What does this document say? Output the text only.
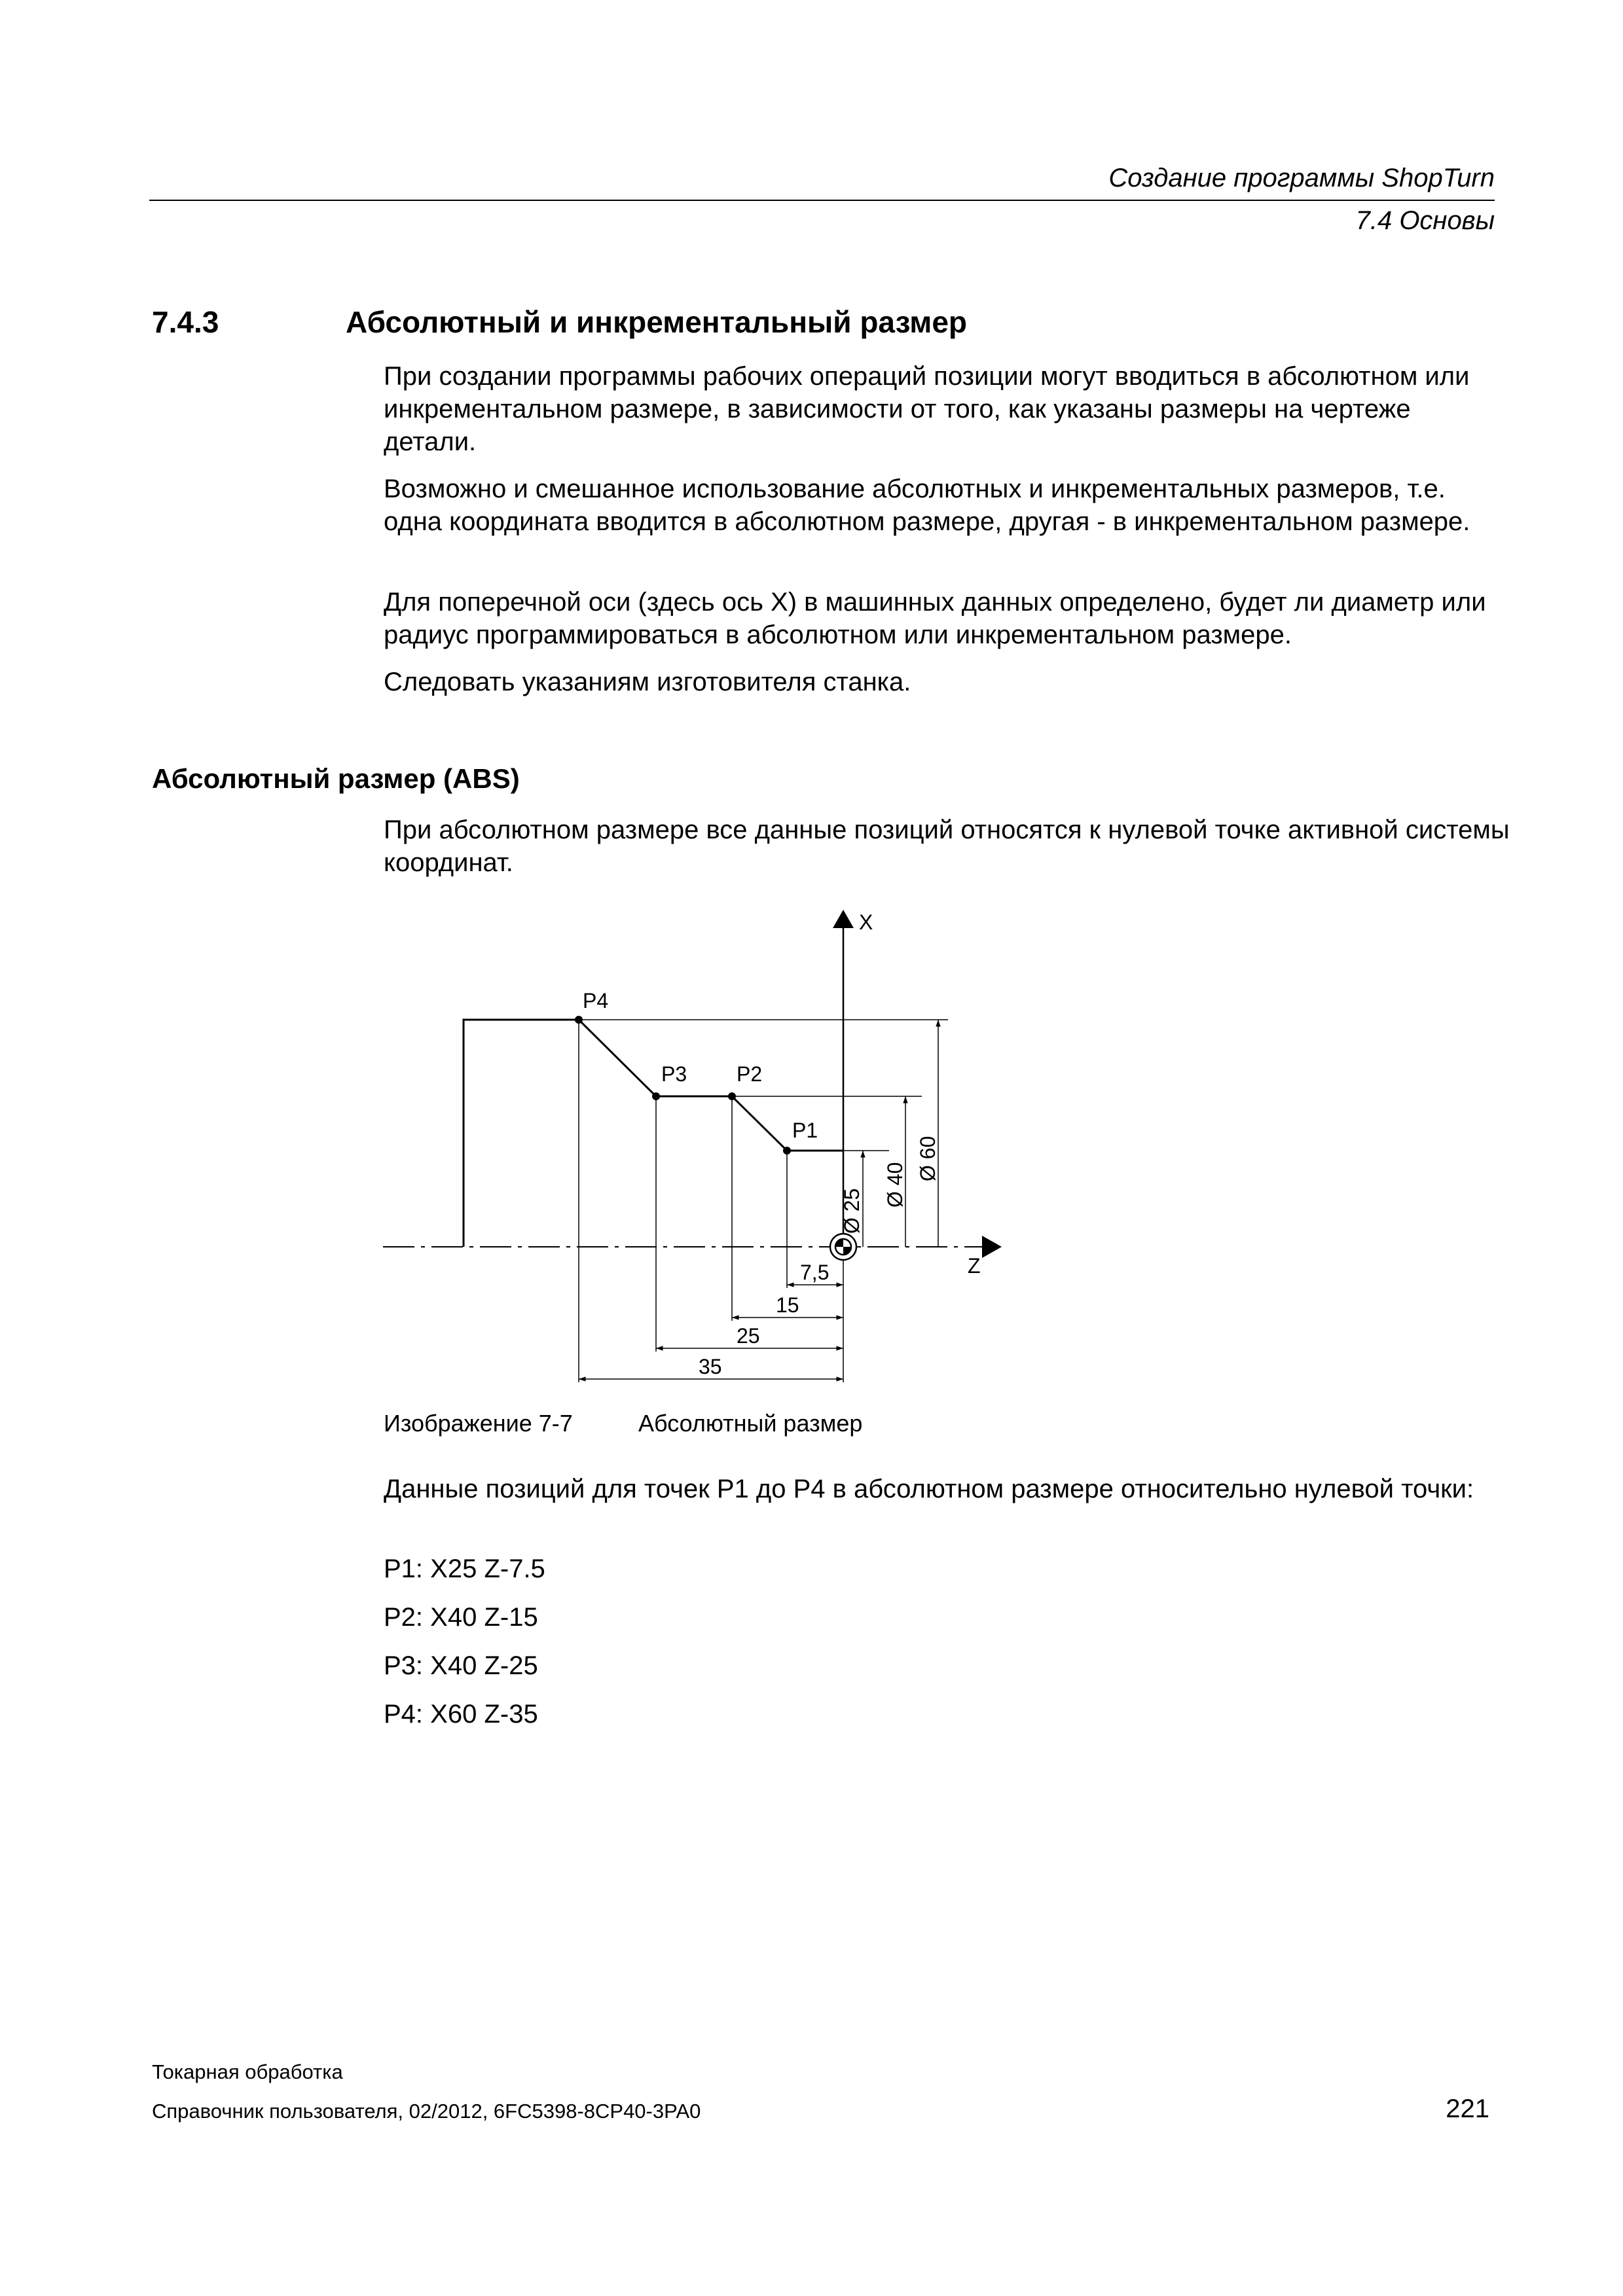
Создание программы ShopTurn
7.4 Основы
7.4.3	Абсолютный и инкрементальный размер
При создании программы рабочих операций позиции могут вводиться в абсолютном или инкрементальном размере, в зависимости от того, как указаны размеры на чертеже детали.
Возможно и смешанное использование абсолютных и инкрементальных размеров, т.е. одна координата вводится в абсолютном размере, другая - в инкрементальном размере.
Для поперечной оси (здесь ось X) в машинных данных определено, будет ли диаметр или радиус программироваться в абсолютном или инкрементальном размере.
Следовать указаниям изготовителя станка.
Абсолютный размер (ABS)
При абсолютном размере все данные позиций относятся к нулевой точке активной системы координат.
X
Z
P4
P3 P2
P1
Ø 25
Ø 40
Ø 60
7,5
15
25
35
Изображение 7-7	Абсолютный размер
Данные позиций для точек P1 до P4 в абсолютном размере относительно нулевой точки:
P1: X25 Z-7.5
P2: X40 Z-15
P3: X40 Z-25
P4: X60 Z-35
Токарная обработка
Справочник пользователя, 02/2012, 6FC5398-8CP40-3PA0	221
